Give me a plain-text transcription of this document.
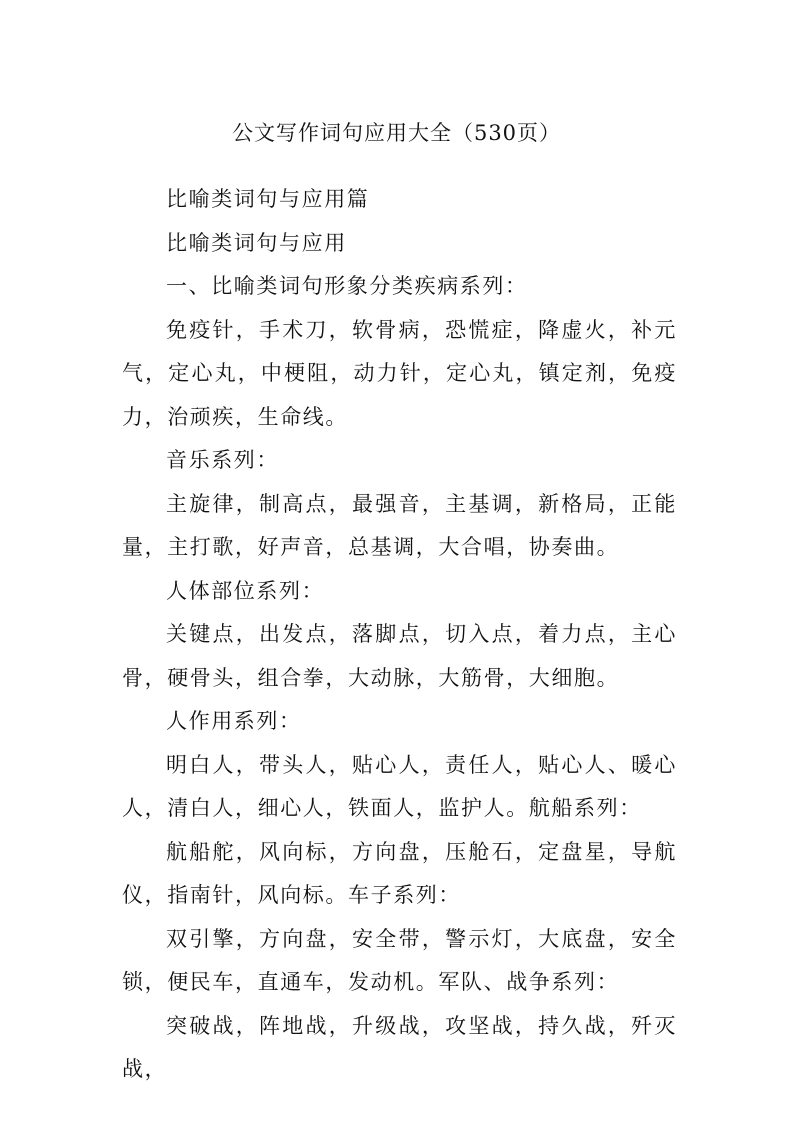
公文写作词句应用大全（530页）

比喻类词句与应用篇

比喻类词句与应用

一、比喻类词句形象分类疾病系列：

免疫针，手术刀，软骨病，恐慌症，降虚火，补元气，定心丸，中梗阻，动力针，定心丸，镇定剂，免疫力，治顽疾，生命线。

音乐系列：

主旋律，制高点，最强音，主基调，新格局，正能量，主打歌，好声音，总基调，大合唱，协奏曲。

人体部位系列：

关键点，出发点，落脚点，切入点，着力点，主心骨，硬骨头，组合拳，大动脉，大筋骨，大细胞。

人作用系列：

明白人，带头人，贴心人，责任人，贴心人、暖心人，清白人，细心人，铁面人，监护人。航船系列：

航船舵，风向标，方向盘，压舱石，定盘星，导航仪，指南针，风向标。车子系列：

双引擎，方向盘，安全带，警示灯，大底盘，安全锁，便民车，直通车，发动机。军队、战争系列：

突破战，阵地战，升级战，攻坚战，持久战，歼灭战，
